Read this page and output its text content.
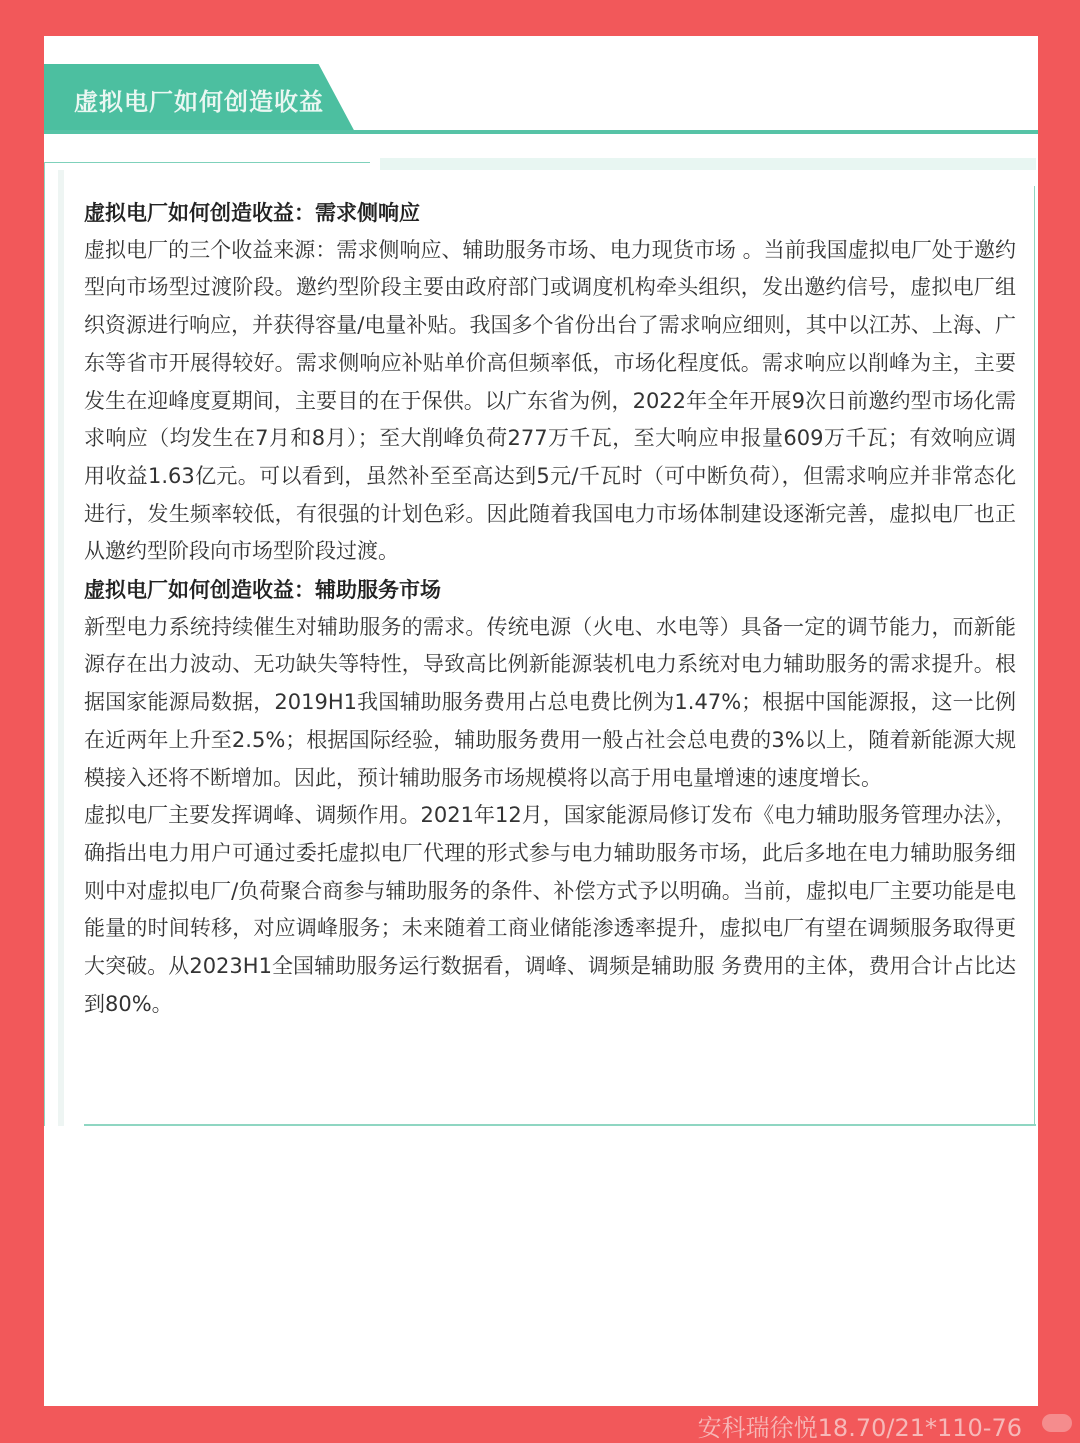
虚拟电厂如何创造收益

虚拟电厂如何创造收益：需求侧响应

虚拟电厂的三个收益来源：需求侧响应、辅助服务市场、电力现货市场 。当前我国虚拟电厂处于邀约型向市场型过渡阶段。邀约型阶段主要由政府部门或调度机构牵头组织，发出邀约信号，虚拟电厂组织资源进行响应，并获得容量/电量补贴。我国多个省份出台了需求响应细则，其中以江苏、上海、广东等省市开展得较好。需求侧响应补贴单价高但频率低，市场化程度低。需求响应以削峰为主，主要发生在迎峰度夏期间，主要目的在于保供。以广东省为例，2022年全年开展9次日前邀约型市场化需求响应（均发生在7月和8月）；至大削峰负荷277万千瓦，至大响应申报量609万千瓦；有效响应调用收益1.63亿元。可以看到，虽然补至至高达到5元/千瓦时（可中断负荷），但需求响应并非常态化进行，发生频率较低，有很强的计划色彩。因此随着我国电力市场体制建设逐渐完善，虚拟电厂也正从邀约型阶段向市场型阶段过渡。

虚拟电厂如何创造收益：辅助服务市场

新型电力系统持续催生对辅助服务的需求。传统电源（火电、水电等）具备一定的调节能力，而新能源存在出力波动、无功缺失等特性，导致高比例新能源装机电力系统对电力辅助服务的需求提升。根据国家能源局数据，2019H1我国辅助服务费用占总电费比例为1.47%；根据中国能源报，这一比例在近两年上升至2.5%；根据国际经验，辅助服务费用一般占社会总电费的3%以上，随着新能源大规模接入还将不断增加。因此，预计辅助服务市场规模将以高于用电量增速的速度增长。

虚拟电厂主要发挥调峰、调频作用。2021年12月，国家能源局修订发布《电力辅助服务管理办法》，确指出电力用户可通过委托虚拟电厂代理的形式参与电力辅助服务市场，此后多地在电力辅助服务细则中对虚拟电厂/负荷聚合商参与辅助服务的条件、补偿方式予以明确。当前，虚拟电厂主要功能是电能量的时间转移，对应调峰服务；未来随着工商业储能渗透率提升，虚拟电厂有望在调频服务取得更大突破。从2023H1全国辅助服务运行数据看，调峰、调频是辅助服 务费用的主体，费用合计占比达到80%。

安科瑞徐悦18.70/21*110-76
